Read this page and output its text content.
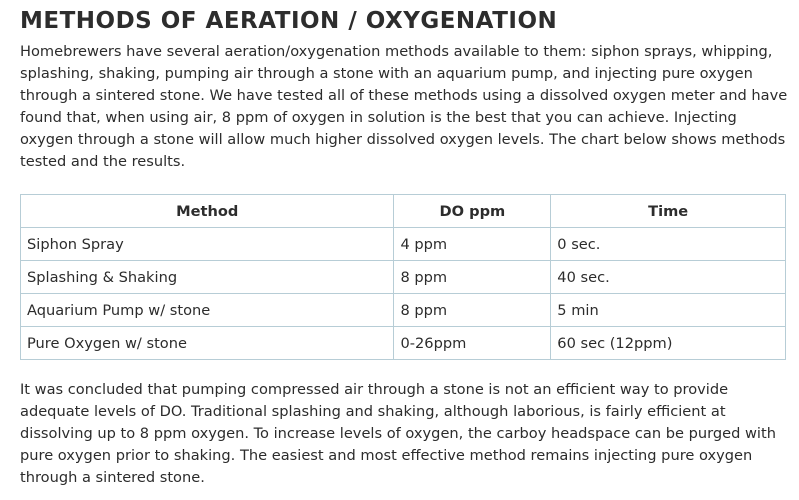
METHODS OF AERATION / OXYGENATION

Homebrewers have several aeration/oxygenation methods available to them: siphon sprays, whipping, splashing, shaking, pumping air through a stone with an aquarium pump, and injecting pure oxygen through a sintered stone. We have tested all of these methods using a dissolved oxygen meter and have found that, when using air, 8 ppm of oxygen in solution is the best that you can achieve. Injecting oxygen through a stone will allow much higher dissolved oxygen levels. The chart below shows methods tested and the results.

Method	DO ppm	Time
Siphon Spray	4 ppm	0 sec.
Splashing & Shaking	8 ppm	40 sec.
Aquarium Pump w/ stone	8 ppm	5 min
Pure Oxygen w/ stone	0-26ppm	60 sec (12ppm)

It was concluded that pumping compressed air through a stone is not an efficient way to provide adequate levels of DO. Traditional splashing and shaking, although laborious, is fairly efficient at dissolving up to 8 ppm oxygen. To increase levels of oxygen, the carboy headspace can be purged with pure oxygen prior to shaking. The easiest and most effective method remains injecting pure oxygen through a sintered stone.
